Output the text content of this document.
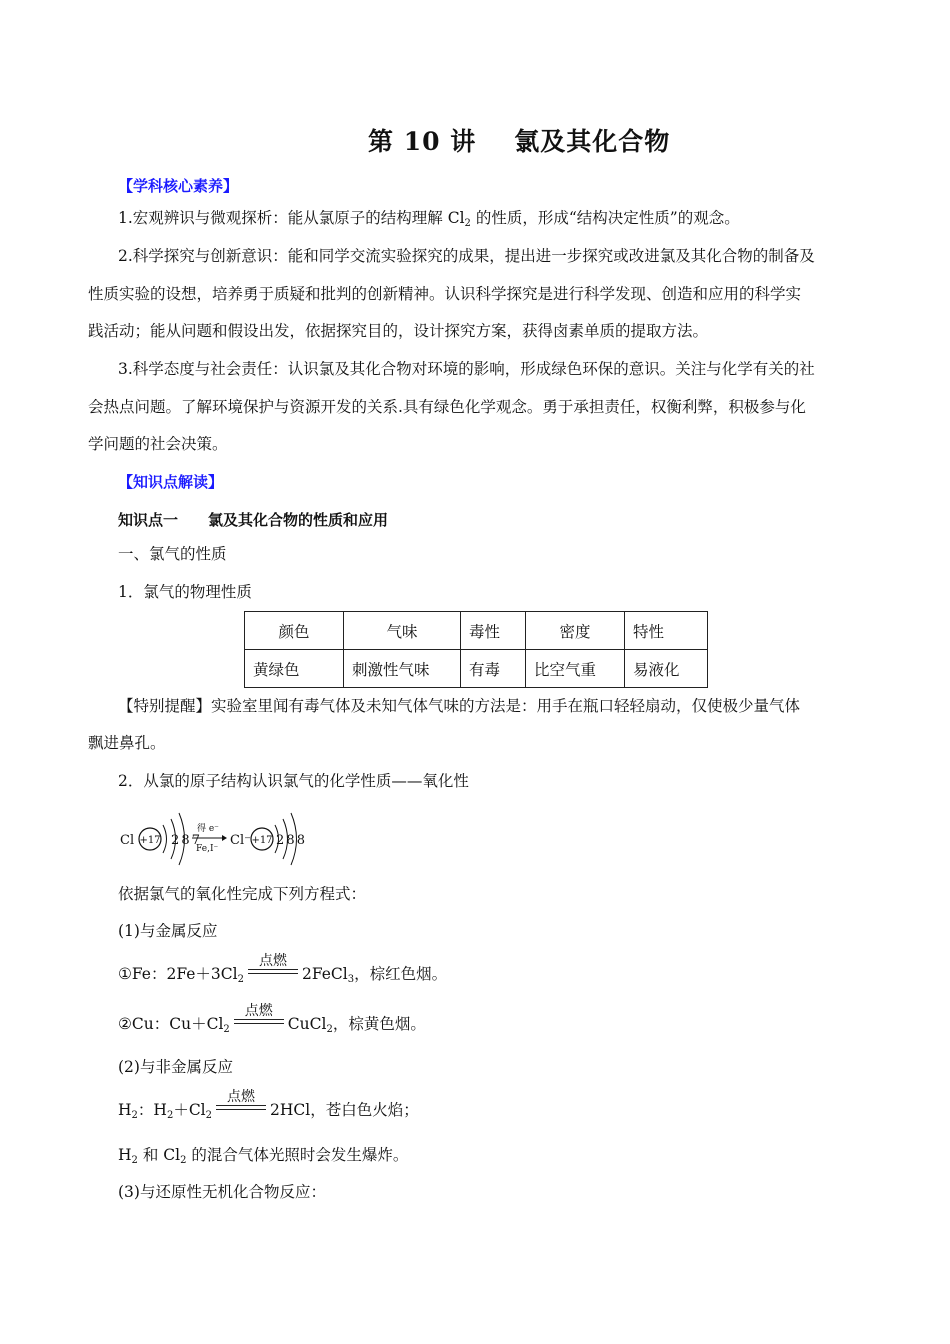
第 10 讲 氯及其化合物
【学科核心素养】
1.宏观辨识与微观探析：能从氯原子的结构理解 $Cl_2$ 的性质，形成“结构决定性质”的观念。
2.科学探究与创新意识：能和同学交流实验探究的成果，提出进一步探究或改进氯及其化合物的制备及
性质实验的设想，培养勇于质疑和批判的创新精神。认识科学探究是进行科学发现、创造和应用的科学实
践活动；能从问题和假设出发，依据探究目的，设计探究方案，获得卤素单质的提取方法。
3.科学态度与社会责任：认识氯及其化合物对环境的影响，形成绿色环保的意识。关注与化学有关的社
会热点问题。了解环境保护与资源开发的关系.具有绿色化学观念。勇于承担责任，权衡利弊，积极参与化
学问题的社会决策。
【知识点解读】
知识点一 氯及其化合物的性质和应用
一、氯气的性质
1．氯气的物理性质
颜色	气味	毒性	密度	特性
黄绿色	刺激性气味	有毒	比空气重	易液化
【特别提醒】实验室里闻有毒气体及未知气体气味的方法是：用手在瓶口轻轻扇动，仅使极少量气体
飘进鼻孔。
2．从氯的原子结构认识氯气的化学性质——氧化性
Cl +17 2 8 7
得 e⁻
Fe,I⁻
Cl⁻ +17 2 8 8
依据氯气的氧化性完成下列方程式：
(1)与金属反应
①Fe：$2Fe+3Cl_2$
点燃
2FeCl$_3$，棕红色烟。
②Cu：$Cu+Cl_2$
点燃
CuCl$_2$，棕黄色烟。
(2)与非金属反应
$H_2$：$H_2+Cl_2$
点燃
2HCl，苍白色火焰；
$H_2$ 和 $Cl_2$ 的混合气体光照时会发生爆炸。
(3)与还原性无机化合物反应：
